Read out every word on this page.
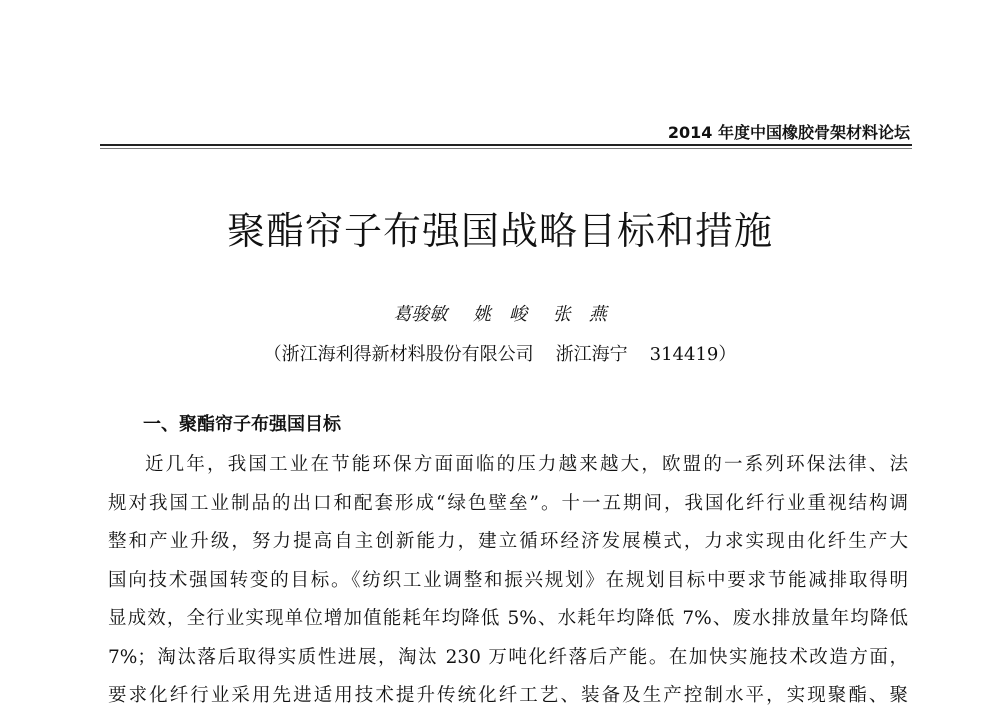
2014 年度中国橡胶骨架材料论坛
聚酯帘子布强国战略目标和措施
葛骏敏 姚　峻 张　燕
（浙江海利得新材料股份有限公司 浙江海宁 314419）
一、聚酯帘子布强国目标
近几年，我国工业在节能环保方面面临的压力越来越大，欧盟的一系列环保法律、法
规对我国工业制品的出口和配套形成“绿色壁垒”。十一五期间，我国化纤行业重视结构调
整和产业升级，努力提高自主创新能力，建立循环经济发展模式，力求实现由化纤生产大
国向技术强国转变的目标。《纺织工业调整和振兴规划》在规划目标中要求节能减排取得明
显成效，全行业实现单位增加值能耗年均降低 5%、水耗年均降低 7%、废水排放量年均降低
7%；淘汰落后取得实质性进展，淘汰 230 万吨化纤落后产能。在加快实施技术改造方面，
要求化纤行业采用先进适用技术提升传统化纤工艺、装备及生产控制水平，实现聚酯、聚
